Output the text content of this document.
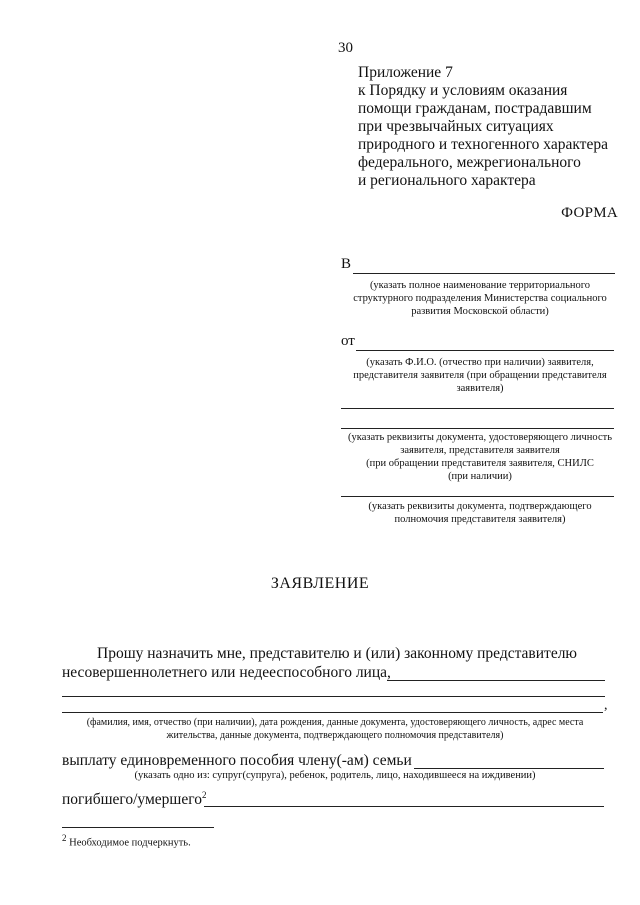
30
Приложение 7
к Порядку и условиям оказания
помощи гражданам, пострадавшим
при чрезвычайных ситуациях
природного и техногенного характера
федерального, межрегионального
и регионального характера
ФОРМА
В
(указать полное наименование территориального
структурного подразделения Министерства социального
развития Московской области)
от
(указать Ф.И.О. (отчество при наличии) заявителя,
представителя заявителя (при обращении представителя
заявителя)
(указать реквизиты документа, удостоверяющего личность
заявителя, представителя заявителя
(при обращении представителя заявителя, СНИЛС
(при наличии)
(указать реквизиты документа, подтверждающего
полномочия представителя заявителя)
ЗАЯВЛЕНИЕ
Прошу назначить мне, представителю и (или) законному представителю
несовершеннолетнего или недееспособного лица,
,
(фамилия, имя, отчество (при наличии), дата рождения, данные документа, удостоверяющего личность, адрес места
жительства, данные документа, подтверждающего полномочия представителя)
выплату единовременного пособия члену(-ам) семьи
(указать одно из: супруг(супруга), ребенок, родитель, лицо, находившееся на иждивении)
погибшего/умершего$^2$
$^2$ Необходимое подчеркнуть.
